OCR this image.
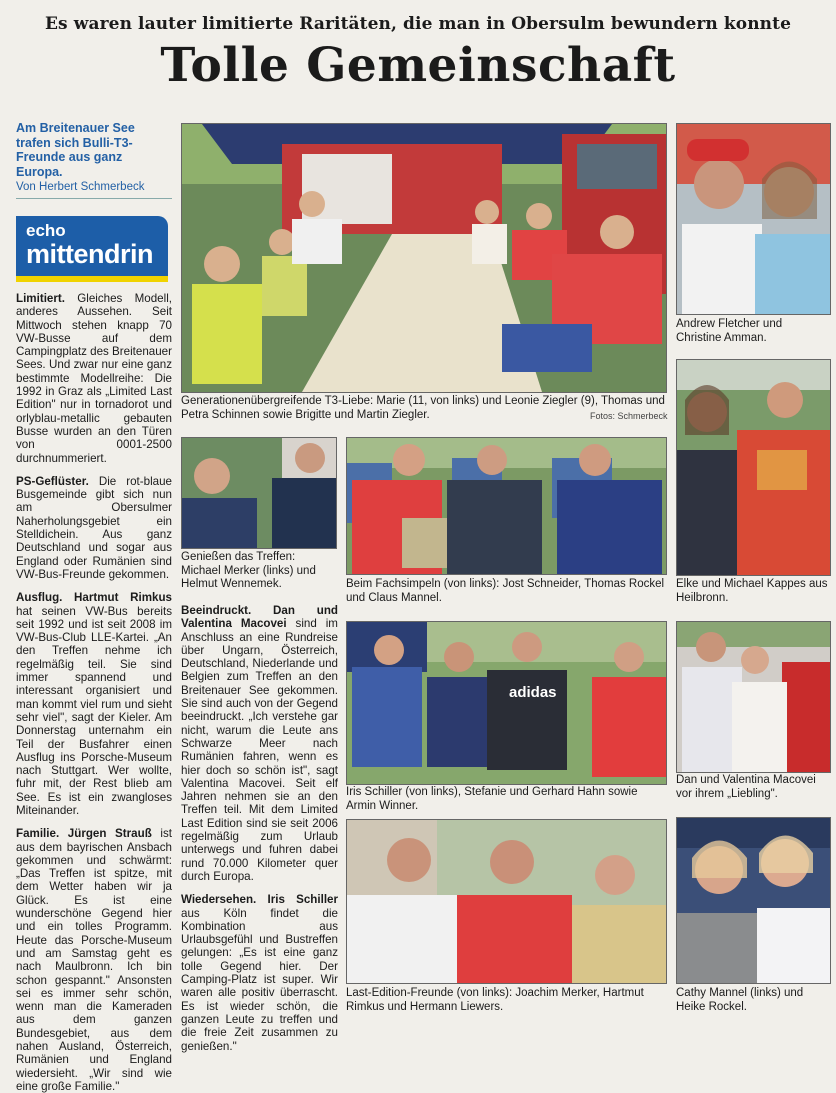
Es waren lauter limitierte Raritäten, die man in Obersulm bewundern konnte
Tolle Gemeinschaft
Am Breitenauer See trafen sich Bulli-T3-Freunde aus ganz Europa.
Von Herbert Schmerbeck
echo
mittendrin

Limitiert. Gleiches Modell, anderes Aussehen. Seit Mittwoch stehen knapp 70 VW-Busse auf dem Campingplatz des Breitenauer Sees. Und zwar nur eine ganz bestimmte Modellreihe: Die 1992 in Graz als „Limited Last Edition" nur in tornadorot und orlyblau-metallic gebauten Busse wurden an den Türen von 0001-2500 durchnummeriert.

PS-Geflüster. Die rot-blaue Busgemeinde gibt sich nun am Obersulmer Naherholungsgebiet ein Stelldichein. Aus ganz Deutschland und sogar aus England oder Rumänien sind VW-Bus-Freunde gekommen.

Ausflug. Hartmut Rimkus hat seinen VW-Bus bereits seit 1992 und ist seit 2008 im VW-Bus-Club LLE-Kartei. „An den Treffen nehme ich regelmäßig teil. Sie sind immer spannend und interessant organisiert und man kommt viel rum und sieht sehr viel", sagt der Kieler. Am Donnerstag unternahm ein Teil der Busfahrer einen Ausflug ins Porsche-Museum nach Stuttgart. Wer wollte, fuhr mit, der Rest blieb am See. Es ist ein zwangloses Miteinander.

Familie. Jürgen Strauß ist aus dem bayrischen Ansbach gekommen und schwärmt: „Das Treffen ist spitze, mit dem Wetter haben wir ja Glück. Es ist eine wunderschöne Gegend hier und ein tolles Programm. Heute das Porsche-Museum und am Samstag geht es nach Maulbronn. Ich bin schon gespannt." Ansonsten sei es immer sehr schön, wenn man die Kameraden aus dem ganzen Bundesgebiet, aus dem nahen Ausland, Österreich, Rumänien und England wiedersieht. „Wir sind wie eine große Familie."

Beeindruckt. Dan und Valentina Macovei sind im Anschluss an eine Rundreise über Ungarn, Österreich, Deutschland, Niederlande und Belgien zum Treffen an den Breitenauer See gekommen. Sie sind auch von der Gegend beeindruckt. „Ich verstehe gar nicht, warum die Leute ans Schwarze Meer nach Rumänien fahren, wenn es hier doch so schön ist", sagt Valentina Macovei. Seit elf Jahren nehmen sie an den Treffen teil. Mit dem Limited Last Edition sind sie seit 2006 regelmäßig zum Urlaub unterwegs und fuhren dabei rund 70.000 Kilometer quer durch Europa.

Wiedersehen. Iris Schiller aus Köln findet die Kombination aus Urlaubsgefühl und Bustreffen gelungen: „Es ist eine ganz tolle Gegend hier. Der Camping-Platz ist super. Wir waren alle positiv überrascht. Es ist wieder schön, die ganzen Leute zu treffen und die freie Zeit zusammen zu genießen."

Generationenübergreifende T3-Liebe: Marie (11, von links) und Leonie Ziegler (9), Thomas und Petra Schinnen sowie Brigitte und Martin Ziegler.	Fotos: Schmerbeck
Andrew Fletcher und Christine Amman.
Genießen das Treffen: Michael Merker (links) und Helmut Wennemek.	Beim Fachsimpeln (von links): Jost Schneider, Thomas Rockel und Claus Mannel.
Elke und Michael Kappes aus Heilbronn.
adidas
Iris Schiller (von links), Stefanie und Gerhard Hahn sowie Armin Winner.
Dan und Valentina Macovei vor ihrem „Liebling".
Last-Edition-Freunde (von links): Joachim Merker, Hartmut Rimkus und Hermann Liewers.
Cathy Mannel (links) und Heike Rockel.
